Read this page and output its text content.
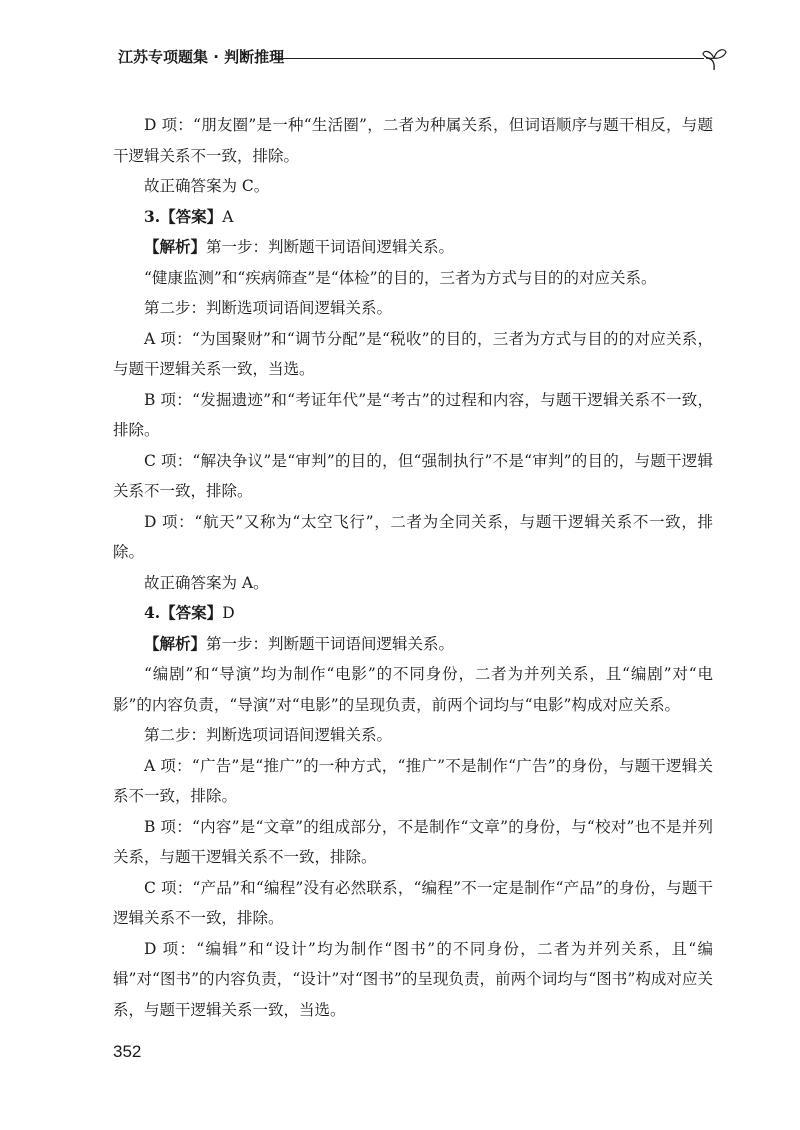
江苏专项题集 · 判断推理

D 项：“朋友圈”是一种“生活圈”，二者为种属关系，但词语顺序与题干相反，与题干逻辑关系不一致，排除。

故正确答案为 C。

3.【答案】A

【解析】第一步：判断题干词语间逻辑关系。

“健康监测”和“疾病筛查”是“体检”的目的，三者为方式与目的的对应关系。

第二步：判断选项词语间逻辑关系。

A 项：“为国聚财”和“调节分配”是“税收”的目的，三者为方式与目的的对应关系，与题干逻辑关系一致，当选。

B 项：“发掘遗迹”和“考证年代”是“考古”的过程和内容，与题干逻辑关系不一致，排除。

C 项：“解决争议”是“审判”的目的，但“强制执行”不是“审判”的目的，与题干逻辑关系不一致，排除。

D 项：“航天”又称为“太空飞行”，二者为全同关系，与题干逻辑关系不一致，排除。

故正确答案为 A。

4.【答案】D

【解析】第一步：判断题干词语间逻辑关系。

“编剧”和“导演”均为制作“电影”的不同身份，二者为并列关系，且“编剧”对“电影”的内容负责，“导演”对“电影”的呈现负责，前两个词均与“电影”构成对应关系。

第二步：判断选项词语间逻辑关系。

A 项：“广告”是“推广”的一种方式，“推广”不是制作“广告”的身份，与题干逻辑关系不一致，排除。

B 项：“内容”是“文章”的组成部分，不是制作“文章”的身份，与“校对”也不是并列关系，与题干逻辑关系不一致，排除。

C 项：“产品”和“编程”没有必然联系，“编程”不一定是制作“产品”的身份，与题干逻辑关系不一致，排除。

D 项：“编辑”和“设计”均为制作“图书”的不同身份，二者为并列关系，且“编辑”对“图书”的内容负责，“设计”对“图书”的呈现负责，前两个词均与“图书”构成对应关系，与题干逻辑关系一致，当选。

352
